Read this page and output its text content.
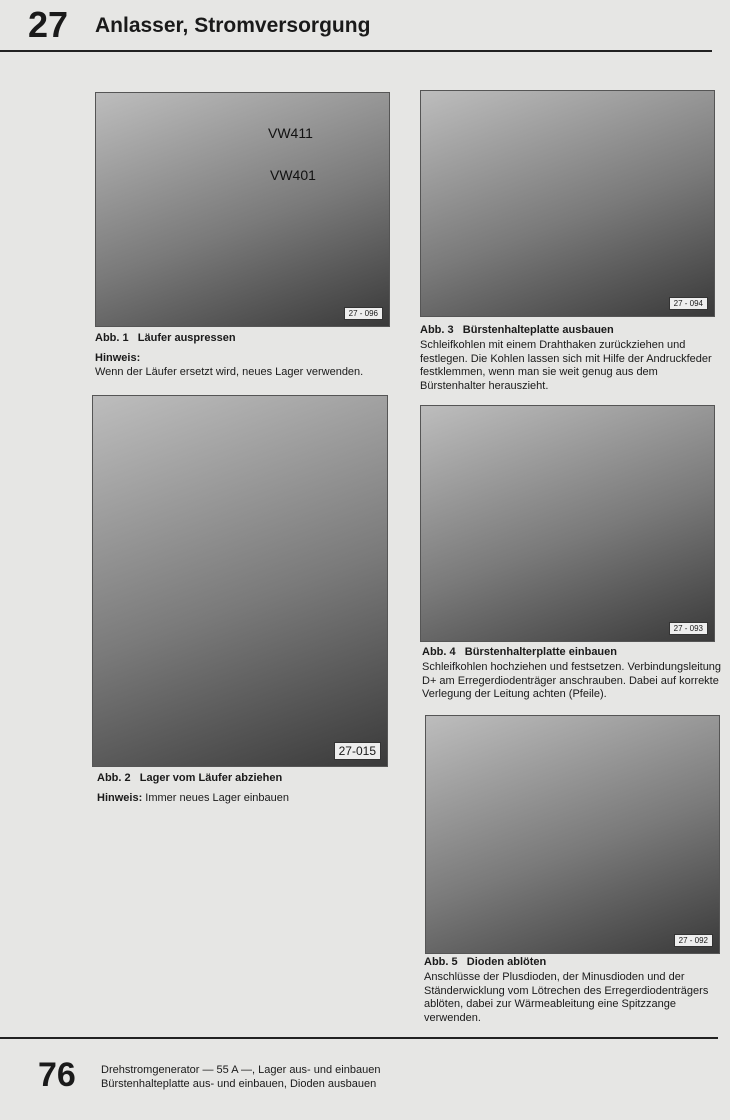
27 Anlasser, Stromversorgung
VW411
VW401
27 - 096
Abb. 1 Läufer auspressen
Hinweis:
Wenn der Läufer ersetzt wird, neues Lager verwenden.
27-015
Abb. 2 Lager vom Läufer abziehen
Hinweis: Immer neues Lager einbauen
27 - 094
Abb. 3 Bürstenhalteplatte ausbauen
Schleifkohlen mit einem Drahthaken zurückziehen und festlegen. Die Kohlen lassen sich mit Hilfe der Andruckfeder festklemmen, wenn man sie weit genug aus dem Bürstenhalter herauszieht.
27 - 093
Abb. 4 Bürstenhalterplatte einbauen
Schleifkohlen hochziehen und festsetzen. Verbindungsleitung D+ am Erregerdiodenträger anschrauben. Dabei auf korrekte Verlegung der Leitung achten (Pfeile).
27 - 092
Abb. 5 Dioden ablöten
Anschlüsse der Plusdioden, der Minusdioden und der Ständerwicklung vom Lötrechen des Erregerdiodenträgers ablöten, dabei zur Wärmeableitung eine Spitzzange verwenden.
76 Drehstromgenerator — 55 A —, Lager aus- und einbauen
Bürstenhalteplatte aus- und einbauen, Dioden ausbauen
